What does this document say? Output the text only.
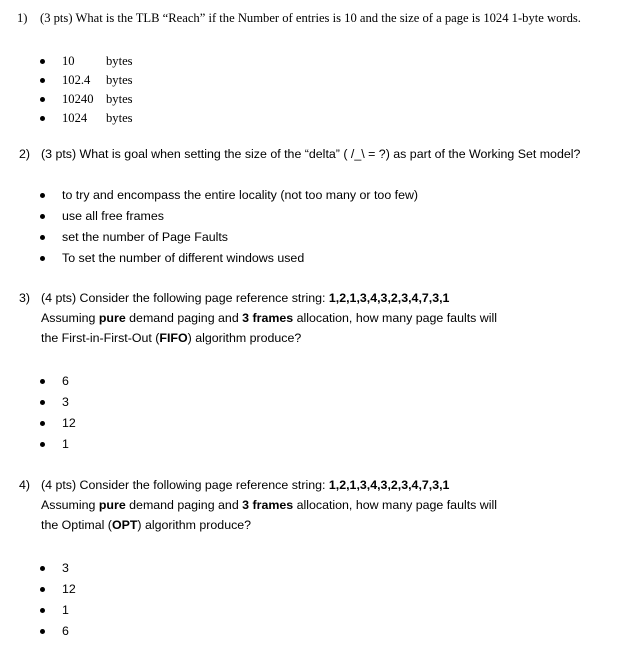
1) (3 pts) What is the TLB “Reach” if the Number of entries is 10 and the size of a page is 1024 1-byte words.
10 bytes
102.4 bytes
10240 bytes
1024 bytes
2) (3 pts) What is goal when setting the size of the “delta” ( /_\ = ?) as part of the Working Set model?
to try and encompass the entire locality (not too many or too few)
use all free frames
set the number of Page Faults
To set the number of different windows used
3) (4 pts) Consider the following page reference string: 1,2,1,3,4,3,2,3,4,7,3,1
Assuming pure demand paging and 3 frames allocation, how many page faults will
the First-in-First-Out (FIFO) algorithm produce?
6
3
12
1
4) (4 pts) Consider the following page reference string: 1,2,1,3,4,3,2,3,4,7,3,1
Assuming pure demand paging and 3 frames allocation, how many page faults will
the Optimal (OPT) algorithm produce?
3
12
1
6
